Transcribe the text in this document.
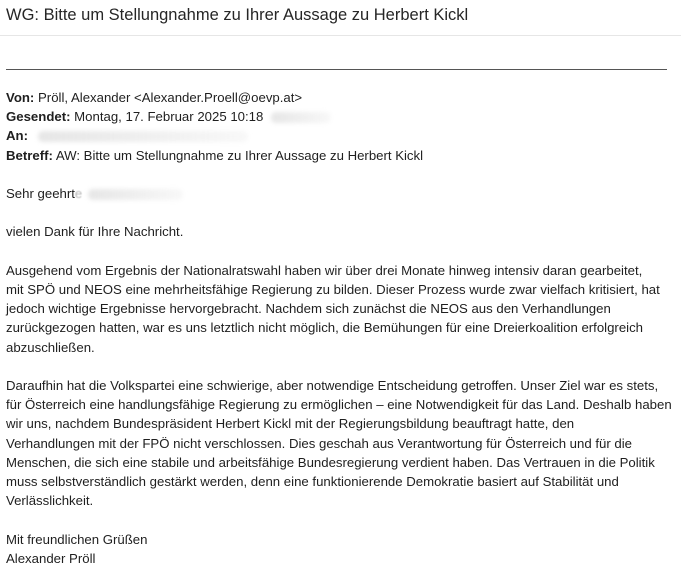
WG: Bitte um Stellungnahme zu Ihrer Aussage zu Herbert Kickl
Von: Pröll, Alexander <Alexander.Proell@oevp.at>
Gesendet: Montag, 17. Februar 2025 10:18
An:
Betreff: AW: Bitte um Stellungnahme zu Ihrer Aussage zu Herbert Kickl
Sehr geehrte

vielen Dank für Ihre Nachricht.

Ausgehend vom Ergebnis der Nationalratswahl haben wir über drei Monate hinweg intensiv daran gearbeitet,
mit SPÖ und NEOS eine mehrheitsfähige Regierung zu bilden. Dieser Prozess wurde zwar vielfach kritisiert, hat
jedoch wichtige Ergebnisse hervorgebracht. Nachdem sich zunächst die NEOS aus den Verhandlungen
zurückgezogen hatten, war es uns letztlich nicht möglich, die Bemühungen für eine Dreierkoalition erfolgreich
abzuschließen.
Daraufhin hat die Volkspartei eine schwierige, aber notwendige Entscheidung getroffen. Unser Ziel war es stets,
für Österreich eine handlungsfähige Regierung zu ermöglichen – eine Notwendigkeit für das Land. Deshalb haben
wir uns, nachdem Bundespräsident Herbert Kickl mit der Regierungsbildung beauftragt hatte, den
Verhandlungen mit der FPÖ nicht verschlossen. Dies geschah aus Verantwortung für Österreich und für die
Menschen, die sich eine stabile und arbeitsfähige Bundesregierung verdient haben. Das Vertrauen in die Politik
muss selbstverständlich gestärkt werden, denn eine funktionierende Demokratie basiert auf Stabilität und
Verlässlichkeit.
Mit freundlichen Grüßen
Alexander Pröll
